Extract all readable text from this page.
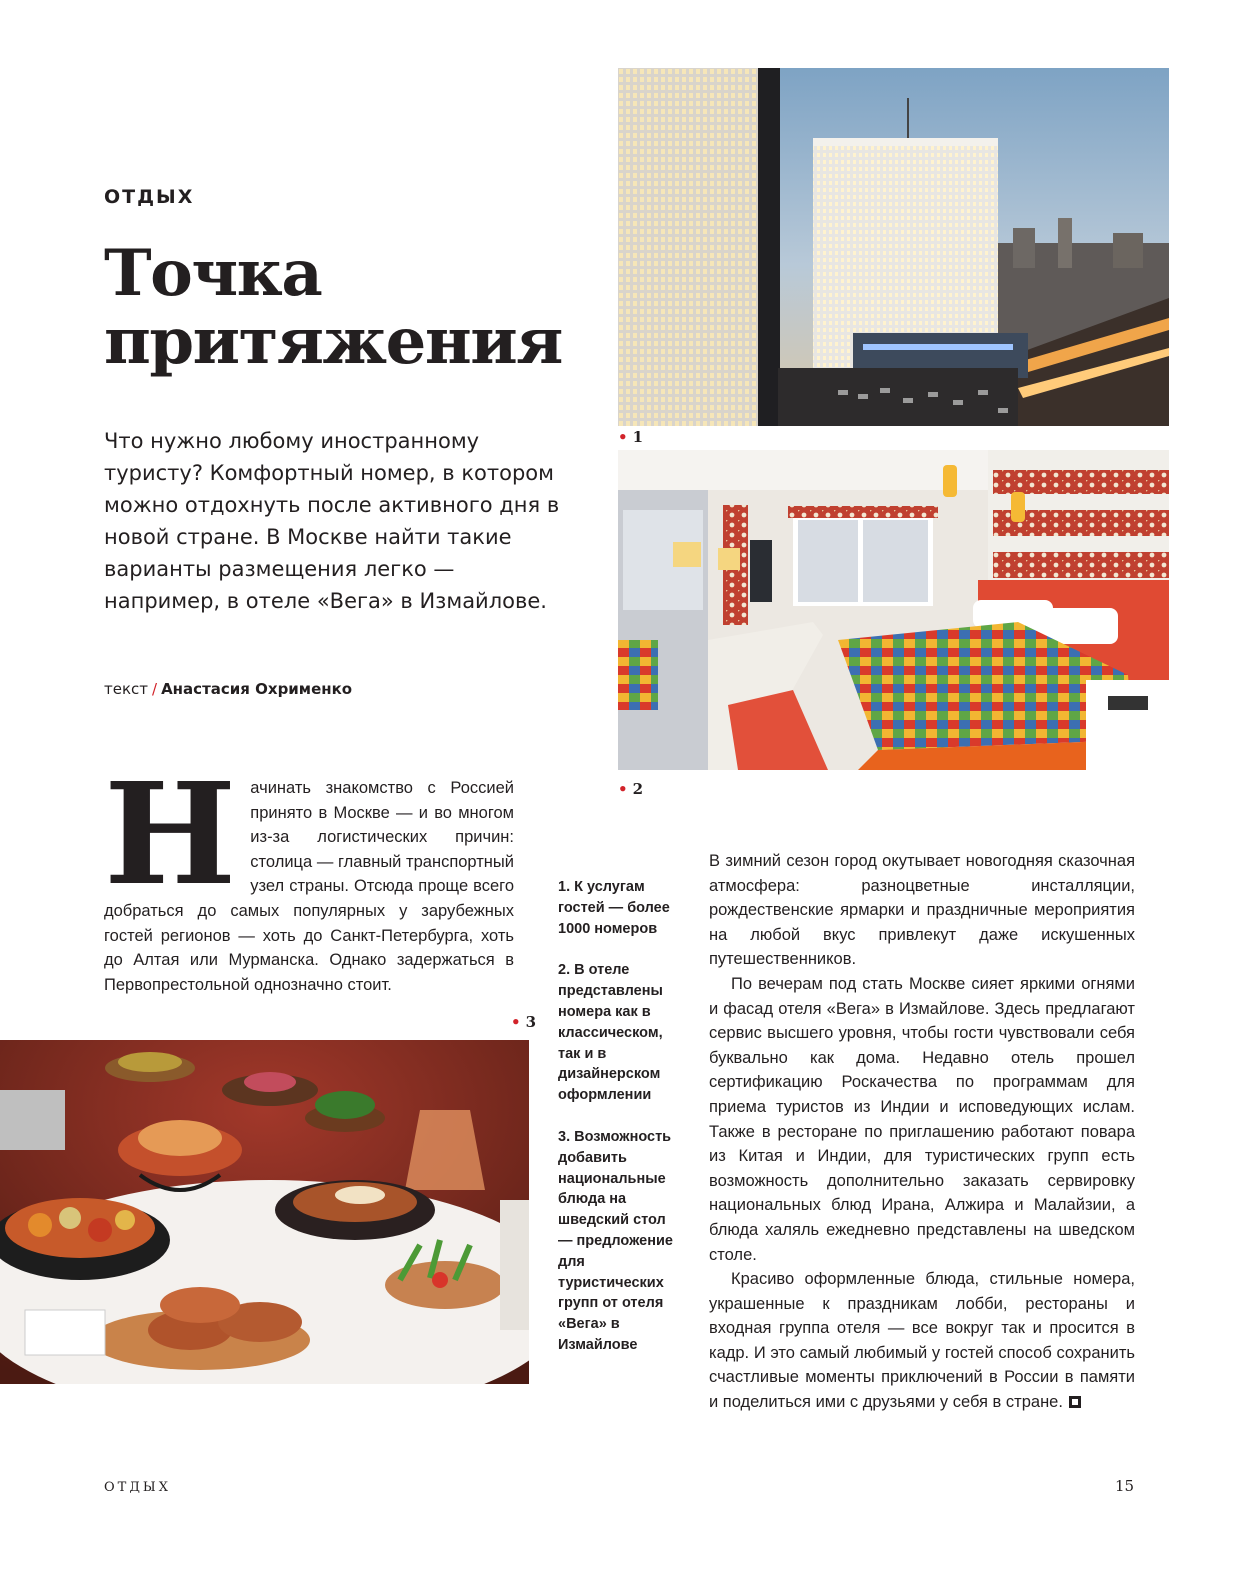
ОТДЫХ
Точка
притяжения

Что нужно любому иностранному туристу? Комфортный номер, в котором можно отдохнуть после активного дня в новой стране. В Москве найти такие варианты размещения легко — например, в отеле «Вега» в Измайлове.

текст / Анастасия Охрименко
• 1
• 2
• 3
Начинать знакомство с Россией принято в Москве — и во многом из-за логистических причин: столица — главный транспортный узел страны. Отсюда проще всего добраться до самых популярных у зарубежных гостей регионов — хоть до Санкт-Петербурга, хоть до Алтая или Мурманска. Однако задержаться в Первопрестольной однозначно стоит.

1. К услугам гостей — более 1000 номеров

2. В отеле представлены номера как в классическом, так и в дизайнерском оформлении

3. Возможность добавить национальные блюда на шведский стол — предложение для туристических групп от отеля «Вега» в Измайлове

В зимний сезон город окутывает новогодняя сказочная атмосфера: разноцветные инсталляции, рождественские ярмарки и праздничные мероприятия на любой вкус привлекут даже искушенных путешественников.

По вечерам под стать Москве сияет яркими огнями и фасад отеля «Вега» в Измайлове. Здесь предлагают сервис высшего уровня, чтобы гости чувствовали себя буквально как дома. Недавно отель прошел сертификацию Роскачества по программам для приема туристов из Индии и исповедующих ислам. Также в ресторане по приглашению работают повара из Китая и Индии, для туристических групп есть возможность дополнительно заказать сервировку национальных блюд Ирана, Алжира и Малайзии, а блюда халяль ежедневно представлены на шведском столе.

Красиво оформленные блюда, стильные номера, украшенные к праздникам лобби, рестораны и входная группа отеля — все вокруг так и просится в кадр. И это самый любимый у гостей способ сохранить счастливые моменты приключений в России в памяти и поделиться ими с друзьями у себя в стране.

ОТДЫХ	15
